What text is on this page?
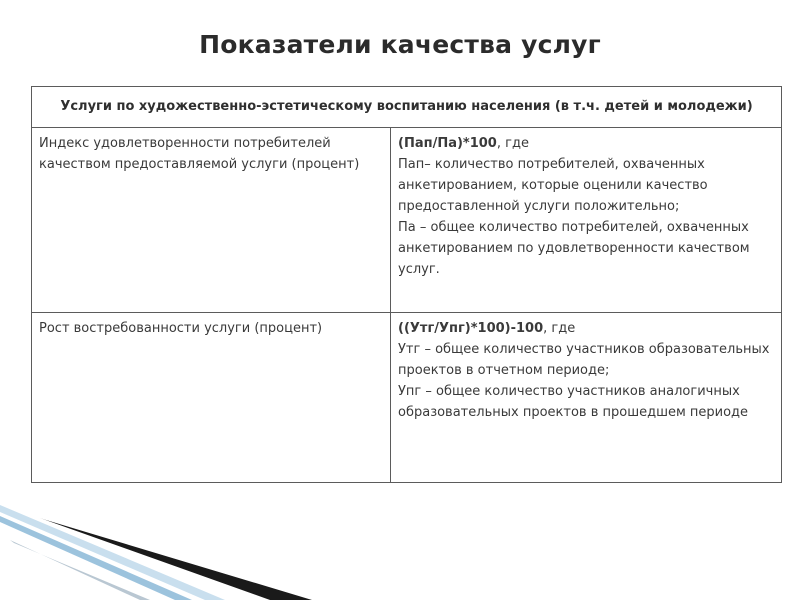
Показатели качества услуг
Услуги по художественно-эстетическому воспитанию населения (в т.ч. детей и молодежи)	
Индекс удовлетворенности потребителей качеством предоставляемой услуги (процент)	(Пап/Па)*100, где
Пап– количество потребителей, охваченных анкетированием, которые оценили качество предоставленной услуги положительно;
Па – общее количество потребителей, охваченных анкетированием по удовлетворенности качеством услуг.

Рост востребованности услуги (процент)	((Утг/Упг)*100)-100, где
Утг – общее количество участников образовательных проектов в отчетном периоде;
Упг – общее количество участников аналогичных образовательных проектов в прошедшем периоде
